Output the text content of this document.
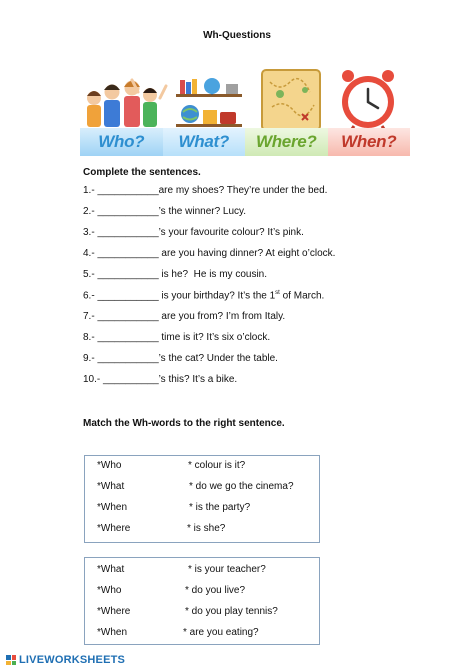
Wh-Questions
Who?	What?	Where?	When?
Complete the sentences.
1.- ___________are my shoes? They’re under the bed.
2.- ___________’s the winner? Lucy.
3.- ___________’s your favourite colour? It’s pink.
4.- ___________ are you having dinner? At eight o’clock.
5.- ___________ is he?  He is my cousin.
6.- ___________ is your birthday? It’s the 1st of March.
7.- ___________ are you from? I’m from Italy.
8.- ___________ time is it? It’s six o’clock.
9.- ___________’s the cat? Under the table.
10.- __________’s this? It’s a bike.
Match the Wh-words to the right sentence.
*Who	* colour is it?
*What	* do we go the cinema?
*When	* is the party?
*Where	* is she?
*What	* is your teacher?
*Who	* do you live?
*Where	* do you play tennis?
*When	* are you eating?
LIVEWORKSHEETS
